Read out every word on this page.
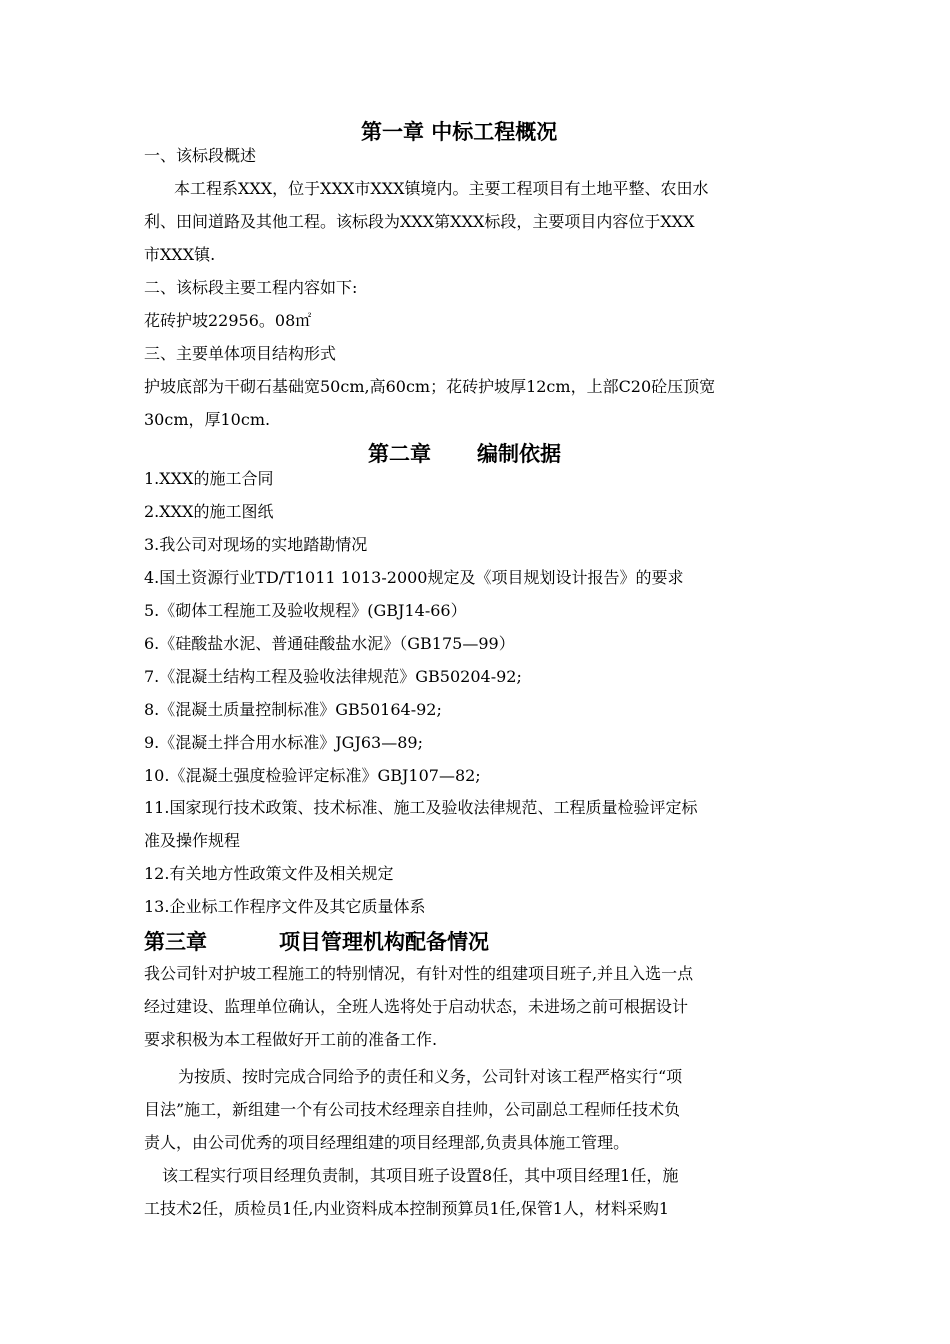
第一章 中标工程概况
一、该标段概述
本工程系XXX，位于XXX市XXX镇境内。主要工程项目有土地平整、农田水
利、田间道路及其他工程。该标段为XXX第XXX标段，主要项目内容位于XXX
市XXX镇.
二、该标段主要工程内容如下:
花砖护坡22956。08㎡
三、主要单体项目结构形式
护坡底部为干砌石基础宽50cm,高60cm；花砖护坡厚12cm，上部C20砼压顶宽
30cm，厚10cm.
第二章 编制依据
1.XXX的施工合同
2.XXX的施工图纸
3.我公司对现场的实地踏勘情况
4.国土资源行业TD/T1011 1013-2000规定及《项目规划设计报告》的要求
5.《砌体工程施工及验收规程》(GBJ14-66）
6.《硅酸盐水泥、普通硅酸盐水泥》（GB175—99）
7.《混凝土结构工程及验收法律规范》GB50204-92;
8.《混凝土质量控制标准》GB50164-92;
9.《混凝土拌合用水标准》JGJ63—89;
10.《混凝土强度检验评定标准》GBJ107—82;
11.国家现行技术政策、技术标准、施工及验收法律规范、工程质量检验评定标
准及操作规程
12.有关地方性政策文件及相关规定
13.企业标工作程序文件及其它质量体系
第三章	项目管理机构配备情况
我公司针对护坡工程施工的特别情况，有针对性的组建项目班子,并且入选一点
经过建设、监理单位确认，全班人选将处于启动状态，未进场之前可根据设计
要求积极为本工程做好开工前的准备工作.
为按质、按时完成合同给予的责任和义务，公司针对该工程严格实行“项
目法”施工，新组建一个有公司技术经理亲自挂帅，公司副总工程师任技术负
责人，由公司优秀的项目经理组建的项目经理部,负责具体施工管理。
该工程实行项目经理负责制，其项目班子设置8任，其中项目经理1任，施
工技术2任，质检员1任,内业资料成本控制预算员1任,保管1人，材料采购1
